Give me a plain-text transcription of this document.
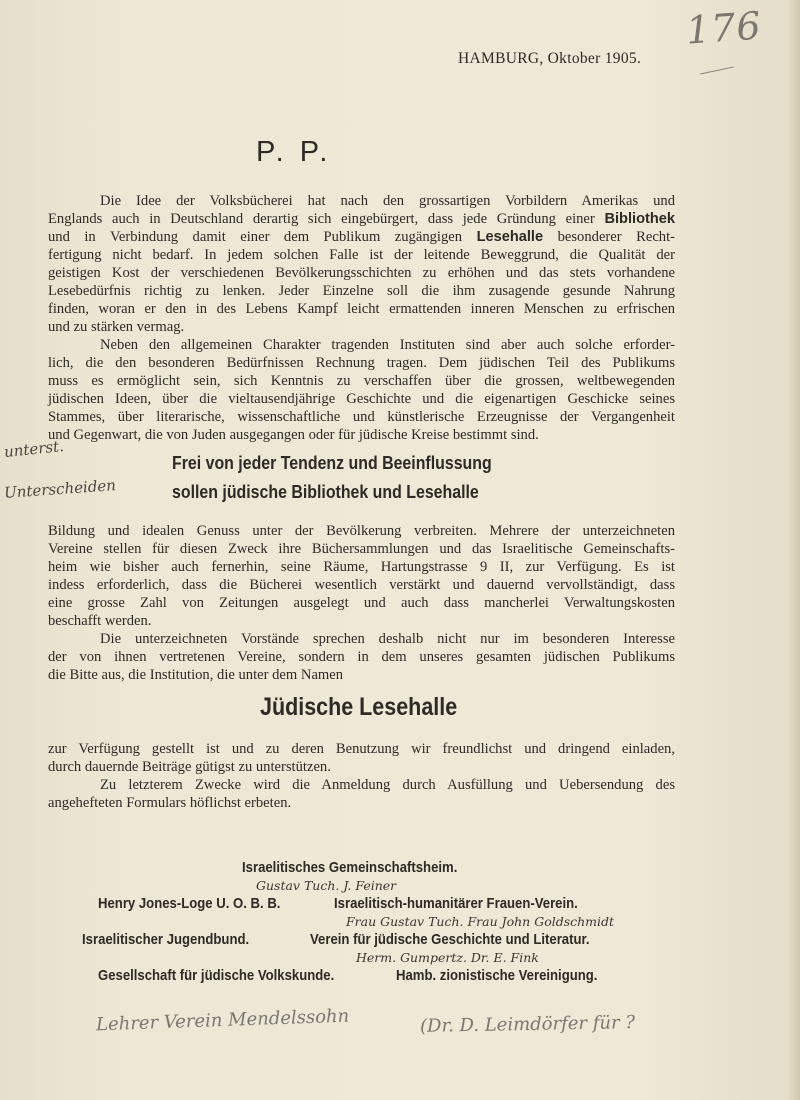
176
HAMBURG, Oktober 1905.
P. P.
Die Idee der Volksbücherei hat nach den grossartigen Vorbildern Amerikas und
Englands auch in Deutschland derartig sich eingebürgert, dass jede Gründung einer Bibliothek
und in Verbindung damit einer dem Publikum zugängigen Lesehalle besonderer Recht-
fertigung nicht bedarf. In jedem solchen Falle ist der leitende Beweggrund, die Qualität der
geistigen Kost der verschiedenen Bevölkerungsschichten zu erhöhen und das stets vorhandene
Lesebedürfnis richtig zu lenken. Jeder Einzelne soll die ihm zusagende gesunde Nahrung
finden, woran er den in des Lebens Kampf leicht ermattenden inneren Menschen zu erfrischen
und zu stärken vermag.
Neben den allgemeinen Charakter tragenden Instituten sind aber auch solche erforder-
lich, die den besonderen Bedürfnissen Rechnung tragen. Dem jüdischen Teil des Publikums
muss es ermöglicht sein, sich Kenntnis zu verschaffen über die grossen, weltbewegenden
jüdischen Ideen, über die vieltausendjährige Geschichte und die eigenartigen Geschicke seines
Stammes, über literarische, wissenschaftliche und künstlerische Erzeugnisse der Vergangenheit
und Gegenwart, die von Juden ausgegangen oder für jüdische Kreise bestimmt sind.
unterst.
Unterscheiden
Frei von jeder Tendenz und Beeinflussung
sollen jüdische Bibliothek und Lesehalle
Bildung und idealen Genuss unter der Bevölkerung verbreiten. Mehrere der unterzeichneten
Vereine stellen für diesen Zweck ihre Büchersammlungen und das Israelitische Gemeinschafts-
heim wie bisher auch fernerhin, seine Räume, Hartungstrasse 9 II, zur Verfügung. Es ist
indess erforderlich, dass die Bücherei wesentlich verstärkt und dauernd vervollständigt, dass
eine grosse Zahl von Zeitungen ausgelegt und auch dass mancherlei Verwaltungskosten
beschafft werden.
Die unterzeichneten Vorstände sprechen deshalb nicht nur im besonderen Interesse
der von ihnen vertretenen Vereine, sondern in dem unseres gesamten jüdischen Publikums
die Bitte aus, die Institution, die unter dem Namen
Jüdische Lesehalle
zur Verfügung gestellt ist und zu deren Benutzung wir freundlichst und dringend einladen,
durch dauernde Beiträge gütigst zu unterstützen.
Zu letzterem Zwecke wird die Anmeldung durch Ausfüllung und Uebersendung des
angehefteten Formulars höflichst erbeten.
Israelitisches Gemeinschaftsheim.
Gustav Tuch. J. Feiner
Henry Jones-Loge U. O. B. B.	Israelitisch-humanitärer Frauen-Verein.
Frau Gustav Tuch. Frau John Goldschmidt
Israelitischer Jugendbund.	Verein für jüdische Geschichte und Literatur.
Herm. Gumpertz. Dr. E. Fink
Gesellschaft für jüdische Volkskunde.	Hamb. zionistische Vereinigung.
Lehrer Verein Mendelssohn	(Dr. D. Leimdörfer für ?
